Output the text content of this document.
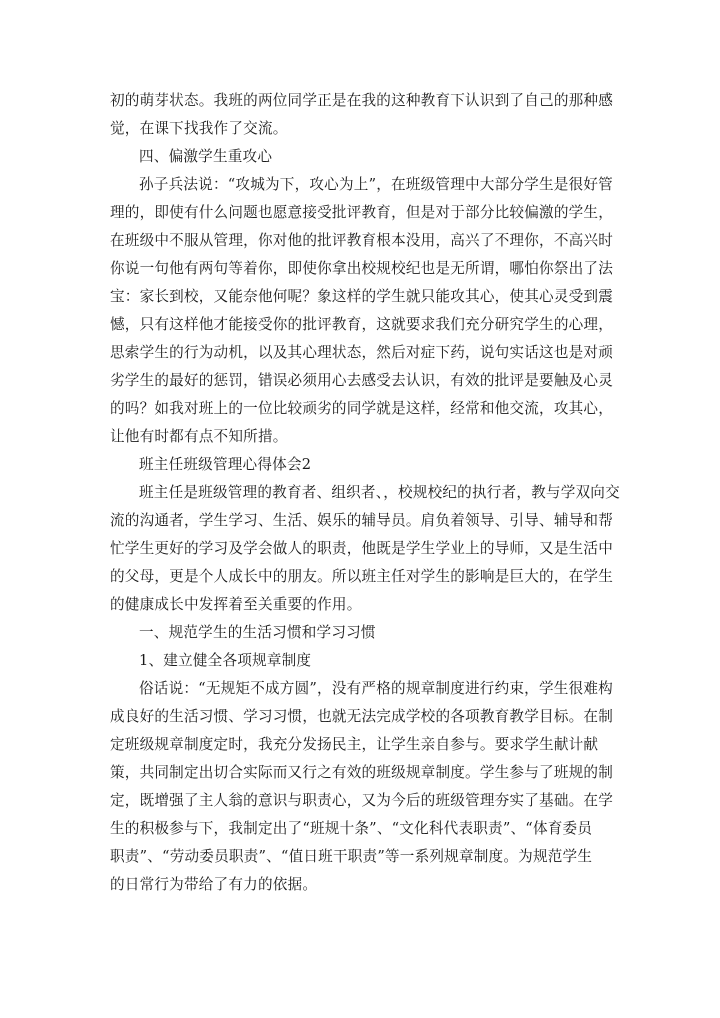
初的萌芽状态。我班的两位同学正是在我的这种教育下认识到了自己的那种感
觉，在课下找我作了交流。
四、偏激学生重攻心
孙子兵法说：“攻城为下，攻心为上”，在班级管理中大部分学生是很好管
理的，即使有什么问题也愿意接受批评教育，但是对于部分比较偏激的学生，
在班级中不服从管理，你对他的批评教育根本没用，高兴了不理你，不高兴时
你说一句他有两句等着你，即使你拿出校规校纪也是无所谓，哪怕你祭出了法
宝：家长到校，又能奈他何呢？象这样的学生就只能攻其心，使其心灵受到震
憾，只有这样他才能接受你的批评教育，这就要求我们充分研究学生的心理，
思索学生的行为动机，以及其心理状态，然后对症下药，说句实话这也是对顽
劣学生的最好的惩罚，错误必须用心去感受去认识，有效的批评是要触及心灵
的吗？如我对班上的一位比较顽劣的同学就是这样，经常和他交流，攻其心，
让他有时都有点不知所措。
班主任班级管理心得体会2
班主任是班级管理的教育者、组织者、，校规校纪的执行者，教与学双向交
流的沟通者，学生学习、生活、娱乐的辅导员。肩负着领导、引导、辅导和帮
忙学生更好的学习及学会做人的职责，他既是学生学业上的导师，又是生活中
的父母，更是个人成长中的朋友。所以班主任对学生的影响是巨大的，在学生
的健康成长中发挥着至关重要的作用。
一、规范学生的生活习惯和学习习惯
1、建立健全各项规章制度
俗话说：“无规矩不成方圆”，没有严格的规章制度进行约束，学生很难构
成良好的生活习惯、学习习惯，也就无法完成学校的各项教育教学目标。在制
定班级规章制度定时，我充分发扬民主，让学生亲自参与。要求学生献计献
策，共同制定出切合实际而又行之有效的班级规章制度。学生参与了班规的制
定，既增强了主人翁的意识与职责心，又为今后的班级管理夯实了基础。在学
生的积极参与下，我制定出了“班规十条”、“文化科代表职责”、“体育委员
职责”、“劳动委员职责”、“值日班干职责”等一系列规章制度。为规范学生
的日常行为带给了有力的依据。
